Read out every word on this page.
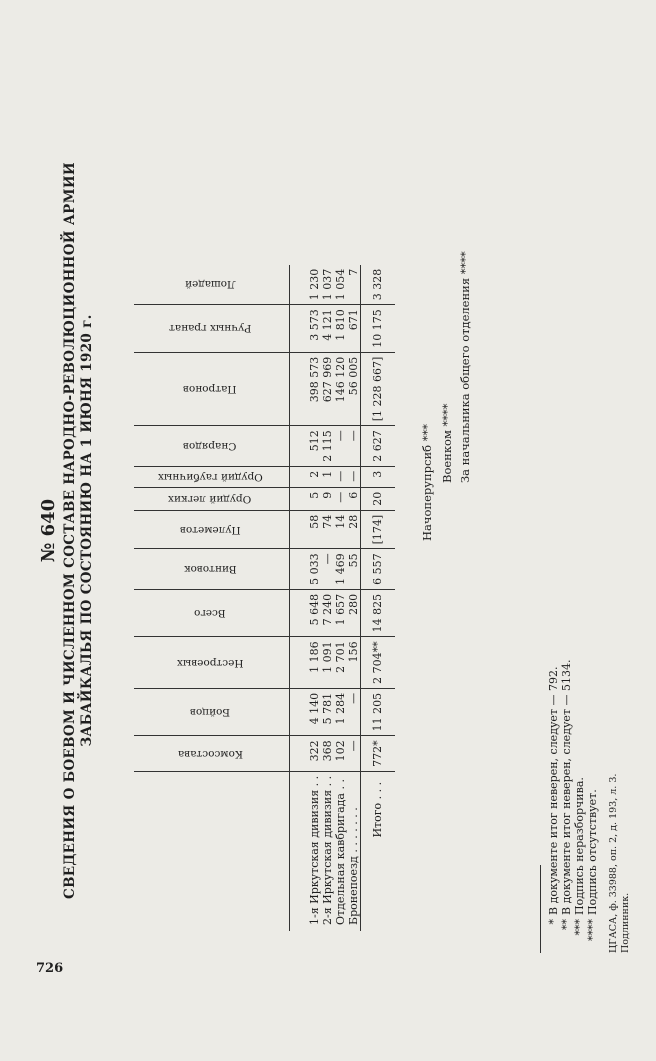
726
№ 640 СВЕДЕНИЯ О БОЕВОМ И ЧИСЛЕННОМ СОСТАВЕ НАРОДНО-РЕВОЛЮЦИОННОЙ АРМИИ ЗАБАЙКАЛЬЯ ПО СОСТОЯНИЮ НА 1 ИЮНЯ 1920 г.
	Комсостава	Бойцов	Нестроевых	Всего	Винтовок	Пулеметов	Орудий легких	Орудий гаубичных	Снарядов	Патронов	Ручных гранат	Лошадей
1-я Иркутская дивизия . .	322	4 140	1 186	5 648	5 033	58	5	2	512	398 573	3 573	1 230
2-я Иркутская дивизия . .	368	5 781	1 091	7 240	—	74	9	1	2 115	627 969	4 121	1 037
Отдельная кавбригада . .	102	1 284	2 701	1 657	1 469	14	—	—	—	146 120	1 810	1 054
Бронепоезд . . . . . . .	—	—	156	280	55	28	6	—	—	56 005	671	7
Итого . . .	772*	11 205	2 704**	14 825	6 557	[174]	20	3	2 627	[1 228 667]	10 175	3 328
Начоперупрсиб *** Военком **** За начальника общего отделения ****
*В документе итог неверен, следует — 792.
**В документе итог неверен, следует — 5134.
***Подпись неразборчива.
****Подпись отсутствует. ЦГАСА, ф. 33988, оп. 2, д. 193, л. 3. Подлинник.
